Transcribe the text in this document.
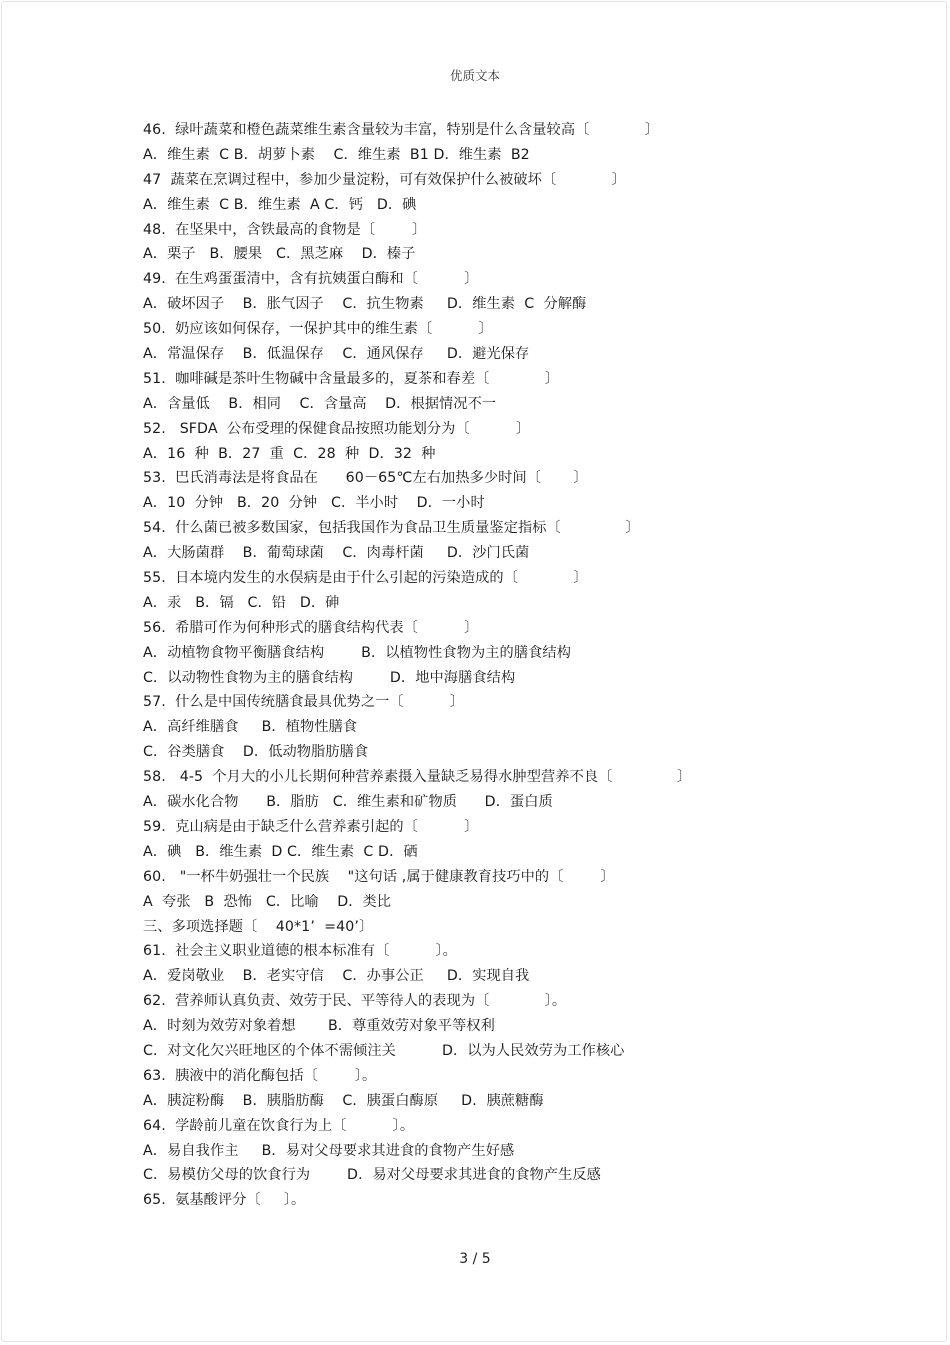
优质文本
46.  绿叶蔬菜和橙色蔬菜维生素含量较为丰富，特别是什么含量较高〔            〕
A．维生素  C B．胡萝卜素    C．维生素  B1 D．维生素  B2
47  蔬菜在烹调过程中，参加少量淀粉，可有效保护什么被破坏〔            〕
A．维生素  C B．维生素  A C．钙   D．碘
48.  在坚果中，含铁最高的食物是〔        〕
A．栗子   B．腰果   C．黑芝麻    D．榛子
49.  在生鸡蛋蛋清中，含有抗姨蛋白酶和〔          〕
A．破坏因子    B．胀气因子    C．抗生物素     D．维生素  C  分解酶
50.  奶应该如何保存，一保护其中的维生素〔          〕
A．常温保存    B．低温保存    C．通风保存     D．避光保存
51.  咖啡碱是茶叶生物碱中含量最多的，夏茶和春差〔            〕
A．含量低    B．相同    C．含量高    D．根据情况不一
52.   SFDA  公布受理的保健食品按照功能划分为〔          〕
A．16  种  B．27  重  C．28  种  D．32  种
53.  巴氏消毒法是将食品在      60－65℃左右加热多少时间〔       〕
A．10  分钟   B．20  分钟   C．半小时    D．一小时
54.  什么菌已被多数国家，包括我国作为食品卫生质量鉴定指标〔              〕
A．大肠菌群    B．葡萄球菌    C．肉毒杆菌     D．沙门氏菌
55.  日本境内发生的水俣病是由于什么引起的污染造成的〔            〕
A．汞   B．镉   C．铅   D．砷
56.  希腊可作为何种形式的膳食结构代表〔          〕
A．动植物食物平衡膳食结构        B．以植物性食物为主的膳食结构
C．以动物性食物为主的膳食结构        D．地中海膳食结构
57.  什么是中国传统膳食最具优势之一〔          〕
A．高纤维膳食     B．植物性膳食
C．谷类膳食    D．低动物脂肪膳食
58.   4-5  个月大的小儿长期何种营养素摄入量缺乏易得水肿型营养不良〔              〕
A．碳水化合物      B．脂肪   C．维生素和矿物质      D．蛋白质
59.  克山病是由于缺乏什么营养素引起的〔          〕
A．碘   B．维生素  D C．维生素  C D．硒
60.   "一杯牛奶强壮一个民族    "这句话 ,属于健康教育技巧中的〔        〕
A  夸张   B  恐怖   C．比喻    D．类比
三、多项选择题〔    40*1’  =40’〕
61.  社会主义职业道德的根本标准有〔          〕。
A．爱岗敬业    B．老实守信    C．办事公正     D．实现自我
62.  营养师认真负责、效劳于民、平等待人的表现为〔            〕。
A．时刻为效劳对象着想       B．尊重效劳对象平等权利
C．对文化欠兴旺地区的个体不需倾注关          D．以为人民效劳为工作核心
63.  胰液中的消化酶包括〔        〕。
A．胰淀粉酶    B．胰脂肪酶    C．胰蛋白酶原     D．胰蔗糖酶
64.  学龄前儿童在饮食行为上〔          〕。
A．易自我作主     B．易对父母要求其进食的食物产生好感
C．易模仿父母的饮食行为        D．易对父母要求其进食的食物产生反感
65.  氨基酸评分〔     〕。
3 / 5
